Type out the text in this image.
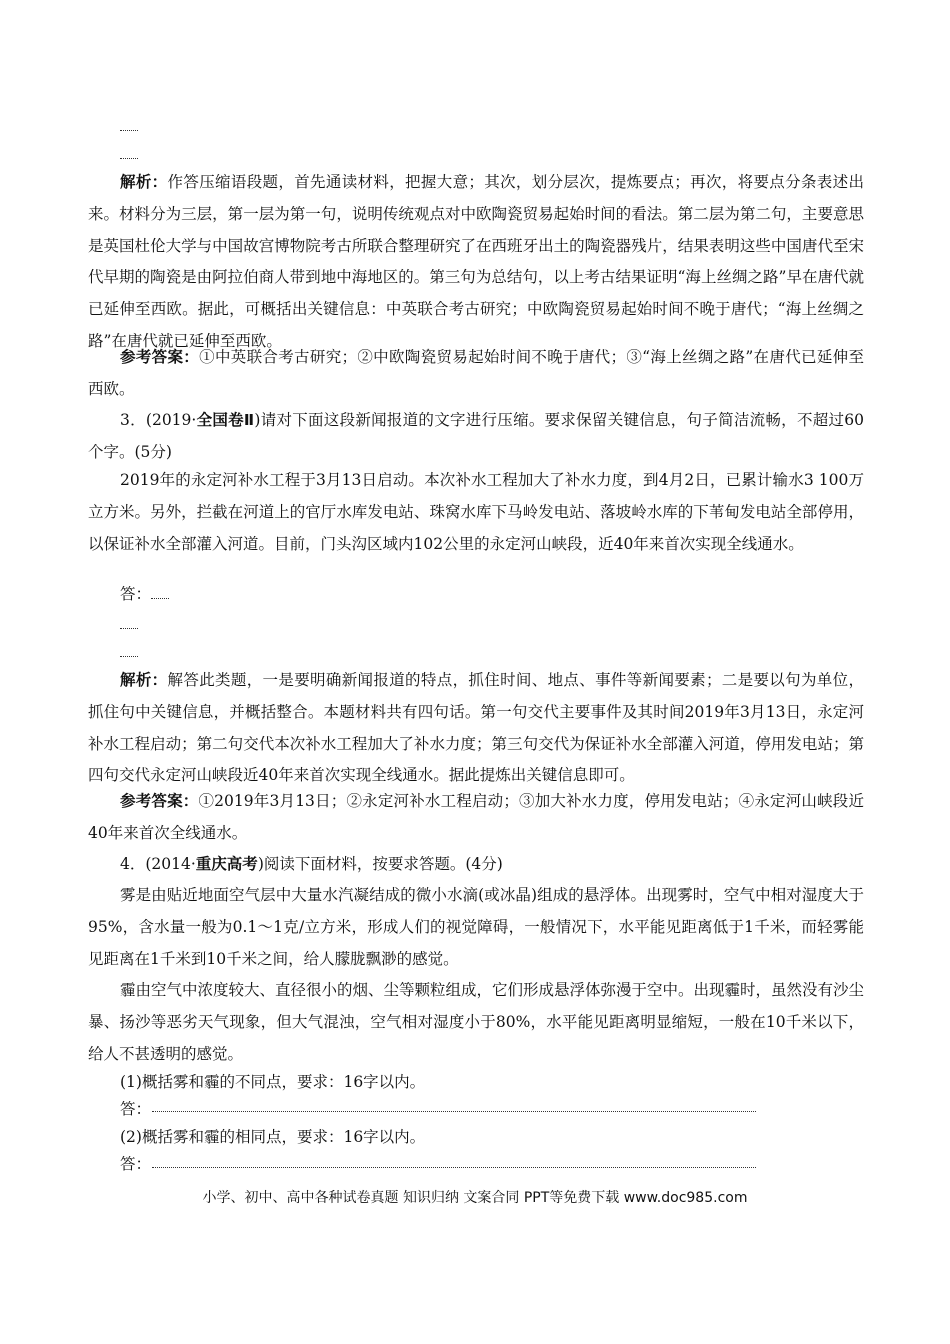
解析：作答压缩语段题，首先通读材料，把握大意；其次，划分层次，提炼要点；再次，将要点分条表述出来。材料分为三层，第一层为第一句，说明传统观点对中欧陶瓷贸易起始时间的看法。第二层为第二句，主要意思是英国杜伦大学与中国故宫博物院考古所联合整理研究了在西班牙出土的陶瓷器残片，结果表明这些中国唐代至宋代早期的陶瓷是由阿拉伯商人带到地中海地区的。第三句为总结句，以上考古结果证明“海上丝绸之路”早在唐代就已延伸至西欧。据此，可概括出关键信息：中英联合考古研究；中欧陶瓷贸易起始时间不晚于唐代；“海上丝绸之路”在唐代就已延伸至西欧。

参考答案：①中英联合考古研究；②中欧陶瓷贸易起始时间不晚于唐代；③“海上丝绸之路”在唐代已延伸至西欧。

3．(2019·全国卷Ⅱ)请对下面这段新闻报道的文字进行压缩。要求保留关键信息，句子简洁流畅，不超过60个字。(5分)

2019年的永定河补水工程于3月13日启动。本次补水工程加大了补水力度，到4月2日，已累计输水3 100万立方米。另外，拦截在河道上的官厅水库发电站、珠窝水库下马岭发电站、落坡岭水库的下苇甸发电站全部停用，以保证补水全部灌入河道。目前，门头沟区域内102公里的永定河山峡段，近40年来首次实现全线通水。

答：

解析：解答此类题，一是要明确新闻报道的特点，抓住时间、地点、事件等新闻要素；二是要以句为单位，抓住句中关键信息，并概括整合。本题材料共有四句话。第一句交代主要事件及其时间2019年3月13日，永定河补水工程启动；第二句交代本次补水工程加大了补水力度；第三句交代为保证补水全部灌入河道，停用发电站；第四句交代永定河山峡段近40年来首次实现全线通水。据此提炼出关键信息即可。

参考答案：①2019年3月13日；②永定河补水工程启动；③加大补水力度，停用发电站；④永定河山峡段近40年来首次全线通水。

4．(2014·重庆高考)阅读下面材料，按要求答题。(4分)

雾是由贴近地面空气层中大量水汽凝结成的微小水滴(或冰晶)组成的悬浮体。出现雾时，空气中相对湿度大于95%，含水量一般为0.1～1克/立方米，形成人们的视觉障碍，一般情况下，水平能见距离低于1千米，而轻雾能见距离在1千米到10千米之间，给人朦胧飘渺的感觉。

霾由空气中浓度较大、直径很小的烟、尘等颗粒组成，它们形成悬浮体弥漫于空中。出现霾时，虽然没有沙尘暴、扬沙等恶劣天气现象，但大气混浊，空气相对湿度小于80%，水平能见距离明显缩短，一般在10千米以下，给人不甚透明的感觉。

(1)概括雾和霾的不同点，要求：16字以内。

答：

(2)概括雾和霾的相同点，要求：16字以内。

答：
小学、初中、高中各种试卷真题 知识归纳 文案合同 PPT等免费下载 www.doc985.com
